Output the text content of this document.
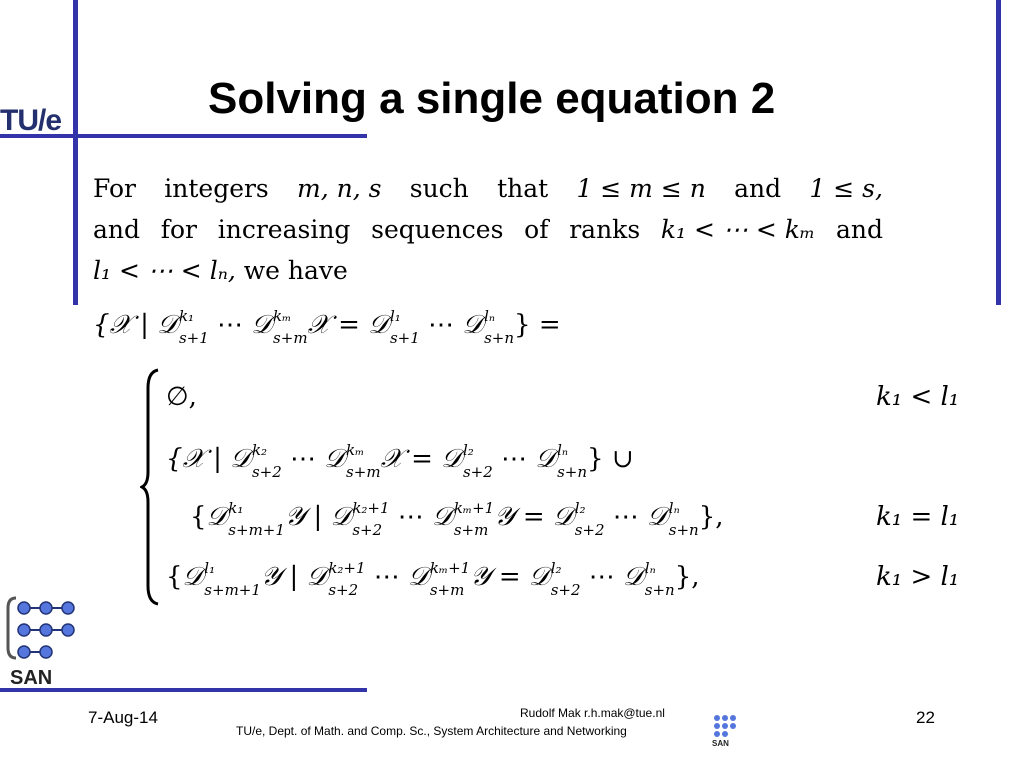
TU/e	Solving a single equation 2
For integers m, n, s such that 1 ≤ m ≤ n and 1 ≤ s,
and for increasing sequences of ranks k₁ < ⋯ < kₘ and
l₁ < ⋯ < lₙ,
we have
{𝒳 | 𝒟 k₁
s+1 ⋯ 𝒟 kₘ
s+m 𝒳 = 𝒟 l₁
s+1 ⋯ 𝒟 lₙ
s+n } =
∅,
{𝒳 | 𝒟 k₂
s+2 ⋯ 𝒟 kₘ
s+m 𝒳 = 𝒟 l₂
s+2 ⋯ 𝒟 lₙ
s+n } ∪
{𝒟 k₁
s+m+1 𝒴 | 𝒟 k₂+1
s+2 ⋯ 𝒟 kₘ+1
s+m 𝒴 = 𝒟 l₂
s+2 ⋯ 𝒟 lₙ
s+n },
{𝒟 l₁
s+m+1 𝒴 | 𝒟 k₂+1
s+2 ⋯ 𝒟 kₘ+1
s+m 𝒴 = 𝒟 l₂
s+2 ⋯ 𝒟 lₙ
s+n },
k₁ < l₁
k₁ = l₁
k₁ > l₁
SAN
SAN
7-Aug-14	Rudolf Mak r.h.mak@tue.nl
TU/e, Dept. of Math. and Comp. Sc., System Architecture and Networking
22
